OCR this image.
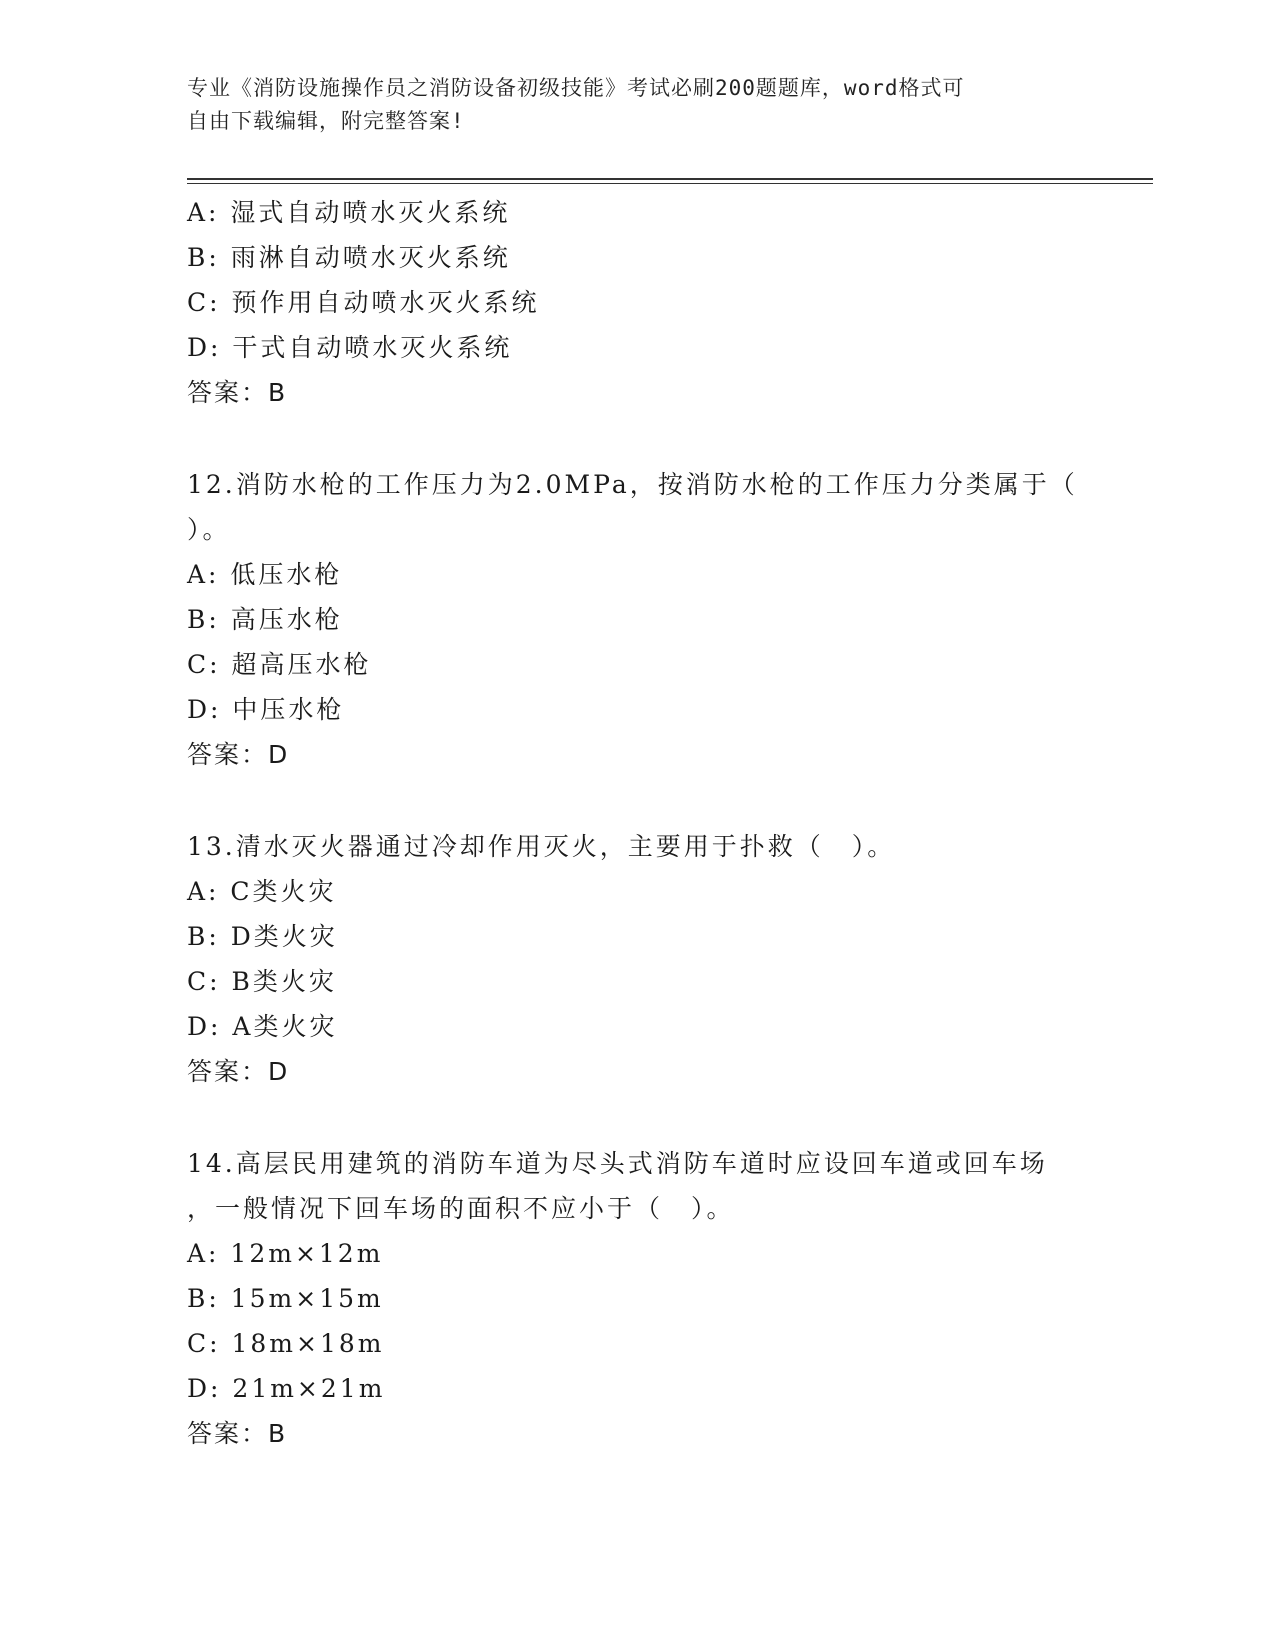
专业《消防设施操作员之消防设备初级技能》考试必刷200题题库，word格式可
自由下载编辑，附完整答案!
A: 湿式自动喷水灭火系统
B: 雨淋自动喷水灭火系统
C: 预作用自动喷水灭火系统
D: 干式自动喷水灭火系统
答案：B
12.消防水枪的工作压力为2.0MPa，按消防水枪的工作压力分类属于（
）。
A: 低压水枪
B: 高压水枪
C: 超高压水枪
D: 中压水枪
答案：D
13.清水灭火器通过冷却作用灭火，主要用于扑救（　）。
A: C类火灾
B: D类火灾
C: B类火灾
D: A类火灾
答案：D
14.高层民用建筑的消防车道为尽头式消防车道时应设回车道或回车场
，一般情况下回车场的面积不应小于（　）。
A: 12m×12m
B: 15m×15m
C: 18m×18m
D: 21m×21m
答案：B
